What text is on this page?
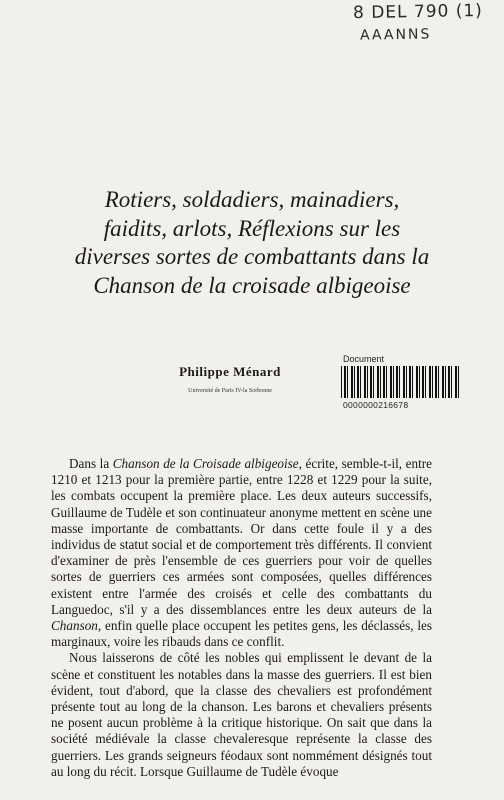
8 DEL 790 (1)
AAANNS
Rotiers, soldadiers, mainadiers,
faidits, arlots, Réflexions sur les
diverses sortes de combattants dans la
Chanson de la croisade albigeoise
Philippe Ménard
Université de Paris IV-la Sorbonne
Document
0000000216678

Dans la Chanson de la Croisade albigeoise, écrite, semble-t-il, entre 1210 et 1213 pour la première partie, entre 1228 et 1229 pour la suite, les combats occupent la première place. Les deux auteurs successifs, Guillaume de Tudèle et son continuateur anonyme mettent en scène une masse importante de combattants. Or dans cette foule il y a des individus de statut social et de comportement très différents. Il convient d'examiner de près l'ensemble de ces guerriers pour voir de quelles sortes de guerriers ces armées sont composées, quelles différences existent entre l'armée des croisés et celle des combattants du Languedoc, s'il y a des dissemblances entre les deux auteurs de la Chanson, enfin quelle place occupent les petites gens, les déclassés, les marginaux, voire les ribauds dans ce conflit.

Nous laisserons de côté les nobles qui emplissent le devant de la scène et constituent les notables dans la masse des guerriers. Il est bien évident, tout d'abord, que la classe des chevaliers est profondément présente tout au long de la chanson. Les barons et chevaliers présents ne posent aucun problème à la critique historique. On sait que dans la société médiévale la classe chevaleresque représente la classe des guerriers. Les grands seigneurs féodaux sont nommément désignés tout au long du récit. Lorsque Guillaume de Tudèle évoque
